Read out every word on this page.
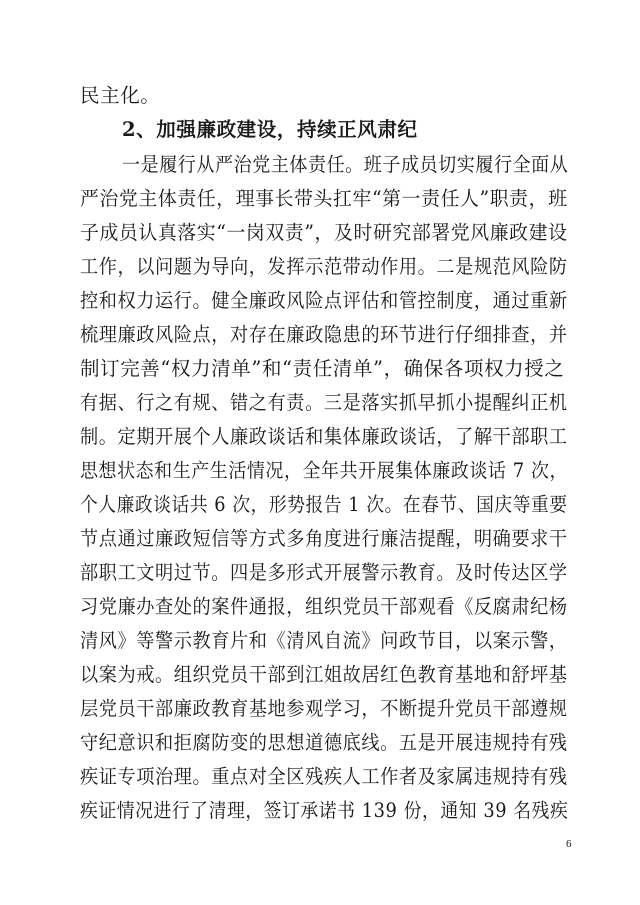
民主化。
2、加强廉政建设，持续正风肃纪
一是履行从严治党主体责任。班子成员切实履行全面从
严治党主体责任，理事长带头扛牢“第一责任人”职责，班
子成员认真落实“一岗双责”，及时研究部署党风廉政建设
工作，以问题为导向，发挥示范带动作用。二是规范风险防
控和权力运行。健全廉政风险点评估和管控制度，通过重新
梳理廉政风险点，对存在廉政隐患的环节进行仔细排查，并
制订完善“权力清单”和“责任清单”，确保各项权力授之
有据、行之有规、错之有责。三是落实抓早抓小提醒纠正机
制。定期开展个人廉政谈话和集体廉政谈话，了解干部职工
思想状态和生产生活情况，全年共开展集体廉政谈话 7 次，
个人廉政谈话共 6 次，形势报告 1 次。在春节、国庆等重要
节点通过廉政短信等方式多角度进行廉洁提醒，明确要求干
部职工文明过节。四是多形式开展警示教育。及时传达区学
习党廉办查处的案件通报，组织党员干部观看《反腐肃纪杨
清风》等警示教育片和《清风自流》问政节目，以案示警，
以案为戒。组织党员干部到江姐故居红色教育基地和舒坪基
层党员干部廉政教育基地参观学习，不断提升党员干部遵规
守纪意识和拒腐防变的思想道德底线。五是开展违规持有残
疾证专项治理。重点对全区残疾人工作者及家属违规持有残
疾证情况进行了清理，签订承诺书 139 份，通知 39 名残疾
6
